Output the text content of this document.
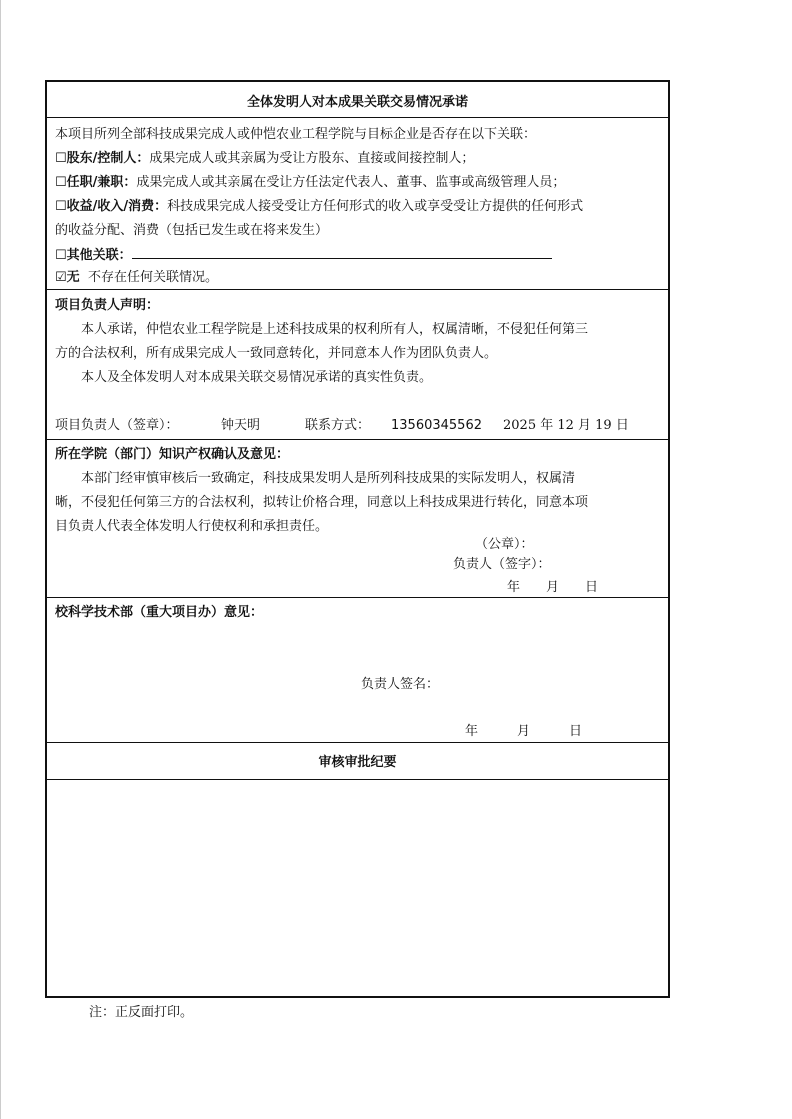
全体发明人对本成果关联交易情况承诺
本项目所列全部科技成果完成人或仲恺农业工程学院与目标企业是否存在以下关联：
☐股东/控制人：成果完成人或其亲属为受让方股东、直接或间接控制人；
☐任职/兼职：成果完成人或其亲属在受让方任法定代表人、董事、监事或高级管理人员；
☐收益/收入/消费：科技成果完成人接受受让方任何形式的收入或享受受让方提供的任何形式
的收益分配、消费（包括已发生或在将来发生）
☐其他关联：
☑无 不存在任何关联情况。
项目负责人声明：
本人承诺，仲恺农业工程学院是上述科技成果的权利所有人，权属清晰，不侵犯任何第三
方的合法权利，所有成果完成人一致同意转化，并同意本人作为团队负责人。
本人及全体发明人对本成果关联交易情况承诺的真实性负责。
项目负责人（签章）：	钟天明	联系方式： 13560345562 2025 年 12 月 19 日
所在学院（部门）知识产权确认及意见：
本部门经审慎审核后一致确定，科技成果发明人是所列科技成果的实际发明人，权属清
晰，不侵犯任何第三方的合法权利，拟转让价格合理，同意以上科技成果进行转化，同意本项
目负责人代表全体发明人行使权利和承担责任。
（公章）：
负责人（签字）：
年　　月　　日
校科学技术部（重大项目办）意见：
负责人签名：
年　　　月　　　日
审核审批纪要
注：正反面打印。
